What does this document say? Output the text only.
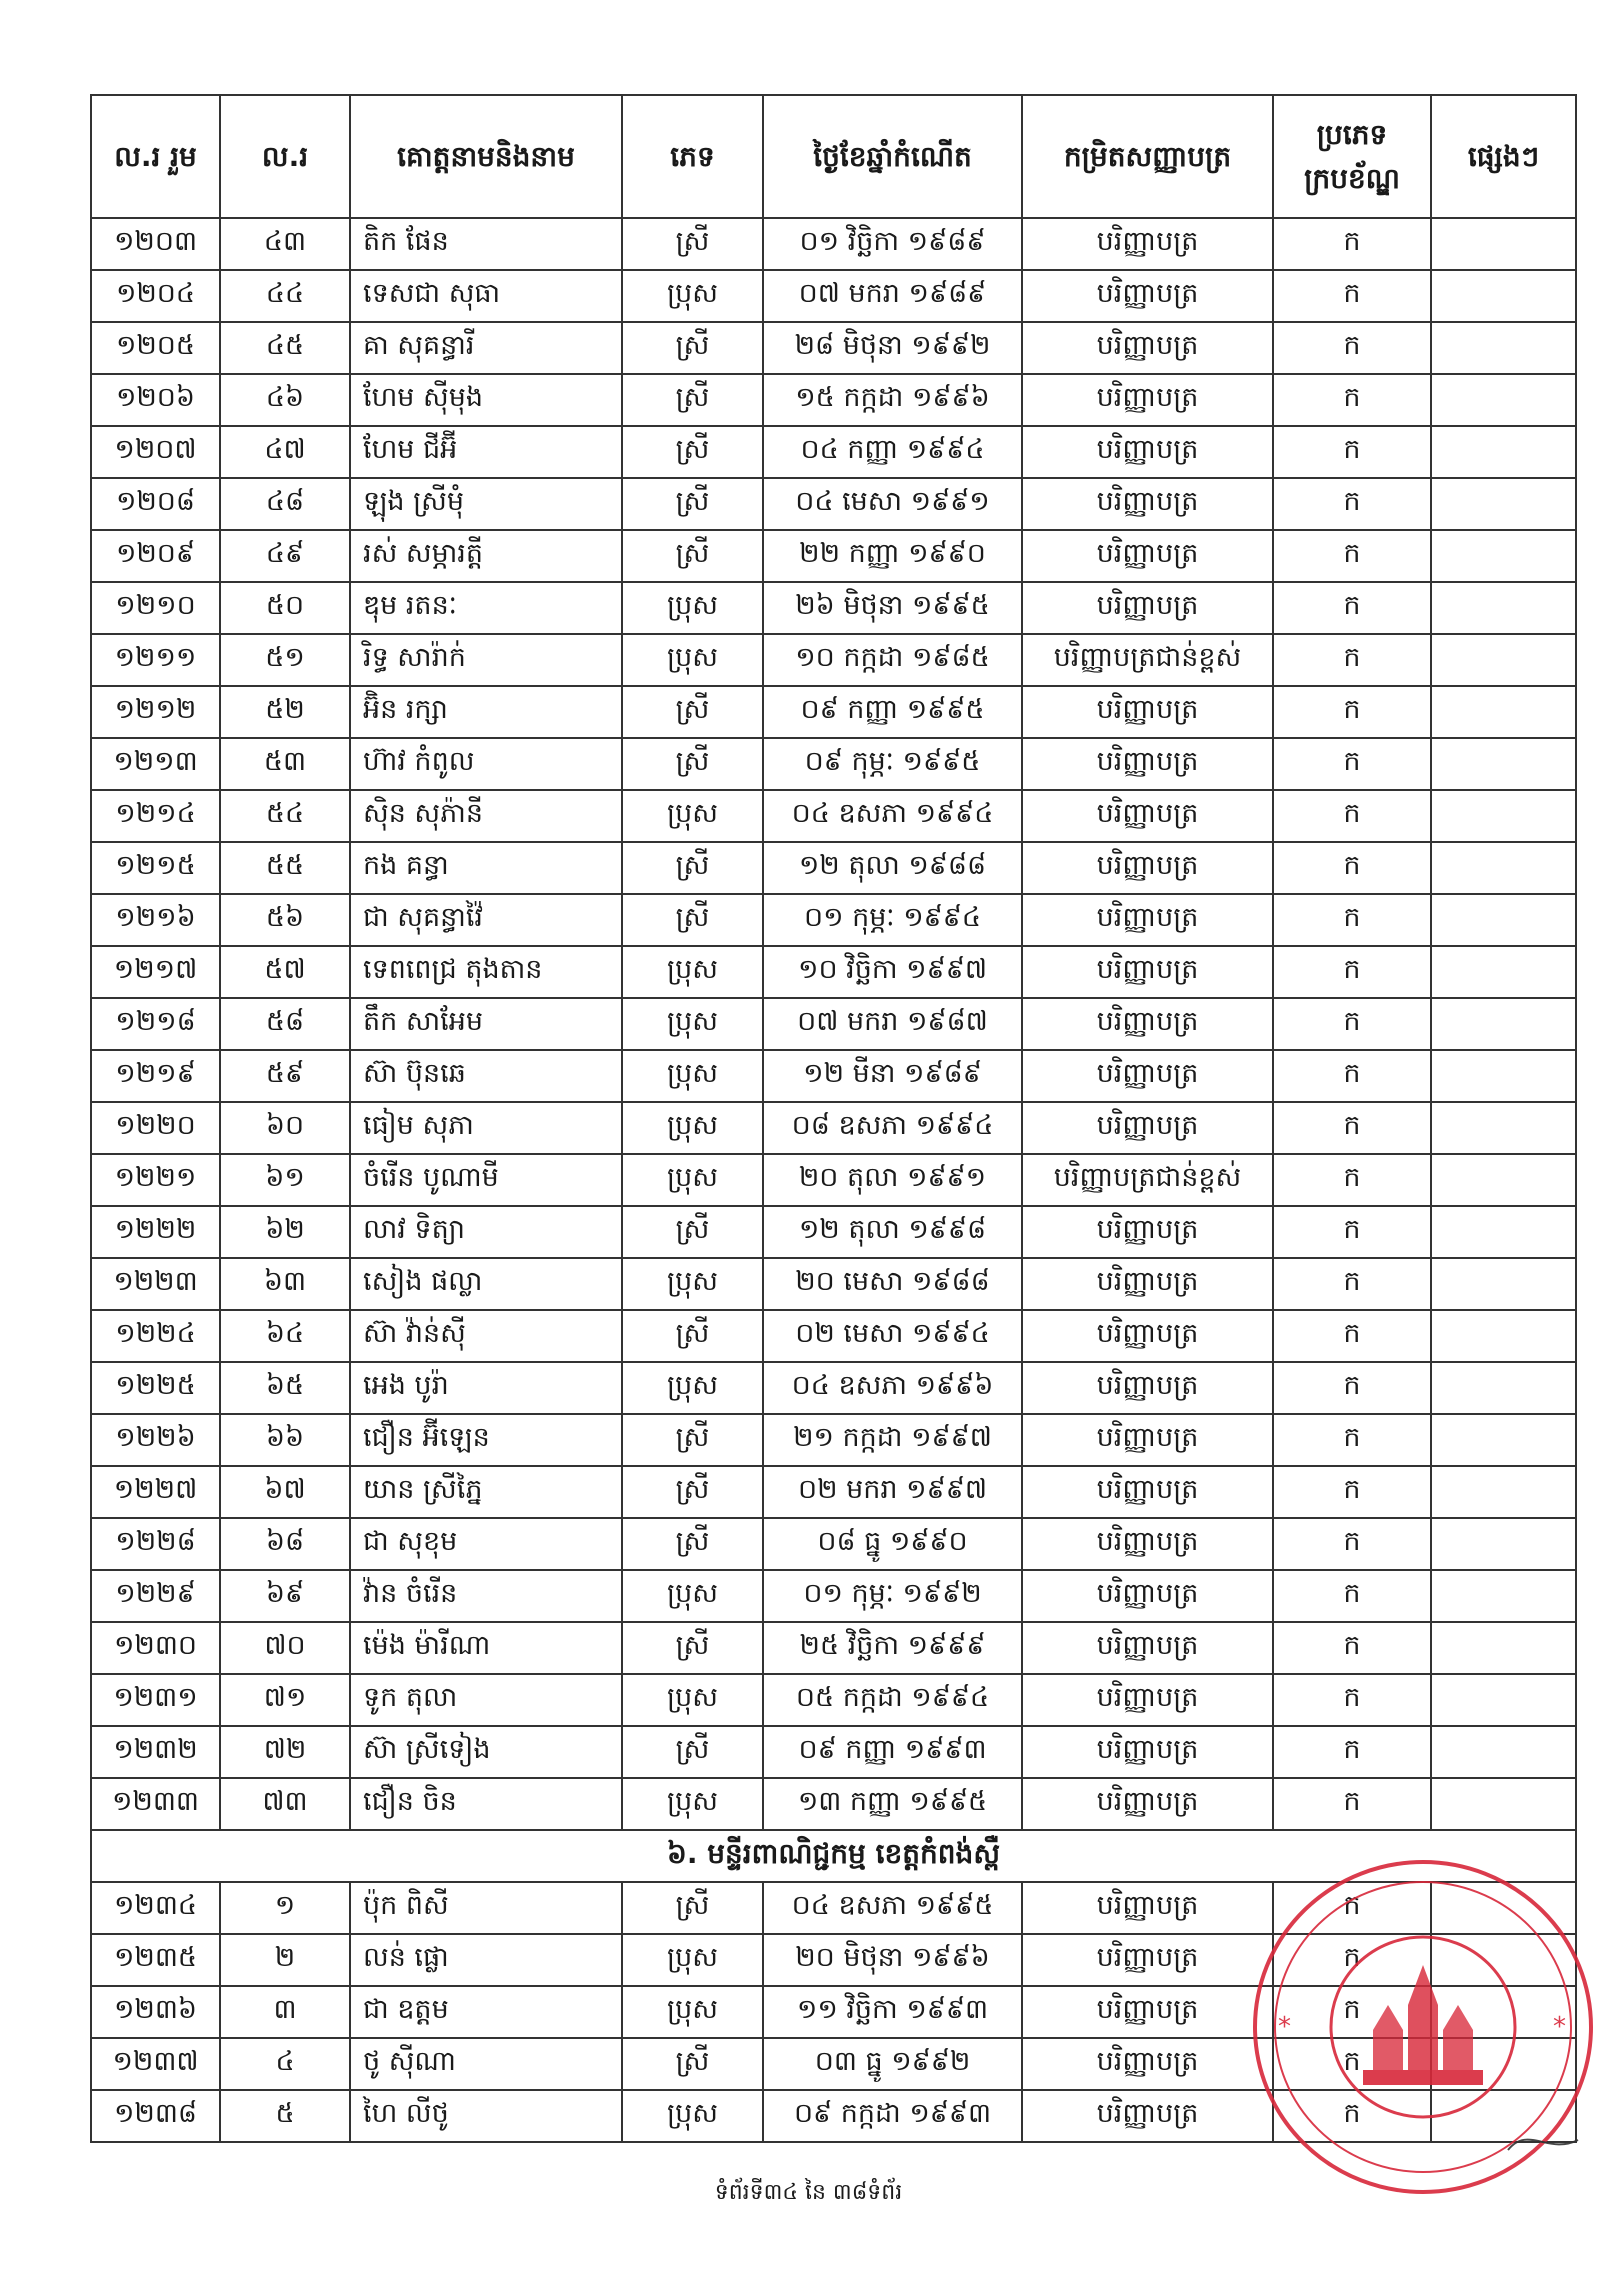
ល.រ រួម	ល.រ	គោត្តនាមនិងនាម	ភេទ	ថ្ងៃខែឆ្នាំកំណើត	កម្រិតសញ្ញាបត្រ	ប្រភេទក្របខ័ណ្ឌ	ផ្សេងៗ
១២០៣	៤៣	តិក ផែន	ស្រី	០១ វិច្ឆិកា ១៩៨៩	បរិញ្ញាបត្រ	ក	
១២០៤	៤៤	ទេសជា សុធា	ប្រុស	០៧ មករា ១៩៨៩	បរិញ្ញាបត្រ	ក	
១២០៥	៤៥	គា សុគន្ធារី	ស្រី	២៨ មិថុនា ១៩៩២	បរិញ្ញាបត្រ	ក	
១២០៦	៤៦	ហែម ស៊ីមុង	ស្រី	១៥ កក្កដា ១៩៩៦	បរិញ្ញាបត្រ	ក	
១២០៧	៤៧	ហែម ជីអ៊ី	ស្រី	០៤ កញ្ញា ១៩៩៤	បរិញ្ញាបត្រ	ក	
១២០៨	៤៨	ឡុង ស្រីមុំ	ស្រី	០៤ មេសា ១៩៩១	បរិញ្ញាបត្រ	ក	
១២០៩	៤៩	រស់ សម្ភារត្តី	ស្រី	២២ កញ្ញា ១៩៩០	បរិញ្ញាបត្រ	ក	
១២១០	៥០	ឌុម រតនៈ	ប្រុស	២៦ មិថុនា ១៩៩៥	បរិញ្ញាបត្រ	ក	
១២១១	៥១	រិទ្ធ សារ៉ាក់	ប្រុស	១០ កក្កដា ១៩៨៥	បរិញ្ញាបត្រជាន់ខ្ពស់	ក	
១២១២	៥២	អ៊ិន រក្សា	ស្រី	០៩ កញ្ញា ១៩៩៥	បរិញ្ញាបត្រ	ក	
១២១៣	៥៣	ហ៊ាវ កំពូល	ស្រី	០៩ កុម្ភៈ ១៩៩៥	បរិញ្ញាបត្រ	ក	
១២១៤	៥៤	ស៊ិន សុភ៉ានី	ប្រុស	០៤ ឧសភា ១៩៩៤	បរិញ្ញាបត្រ	ក	
១២១៥	៥៥	កង គន្ធា	ស្រី	១២ តុលា ១៩៨៨	បរិញ្ញាបត្រ	ក	
១២១៦	៥៦	ជា សុគន្ធាវ៉ៃ	ស្រី	០១ កុម្ភៈ ១៩៩៤	បរិញ្ញាបត្រ	ក	
១២១៧	៥៧	ទេពពេជ្រ តុងតាន	ប្រុស	១០ វិច្ឆិកា ១៩៩៧	បរិញ្ញាបត្រ	ក	
១២១៨	៥៨	តឹក សាអែម	ប្រុស	០៧ មករា ១៩៨៧	បរិញ្ញាបត្រ	ក	
១២១៩	៥៩	ស៊ា ប៊ុនឆេ	ប្រុស	១២ មីនា ១៩៨៩	បរិញ្ញាបត្រ	ក	
១២២០	៦០	ធៀម សុភា	ប្រុស	០៨ ឧសភា ១៩៩៤	បរិញ្ញាបត្រ	ក	
១២២១	៦១	ចំរើន បូណាមី	ប្រុស	២០ តុលា ១៩៩១	បរិញ្ញាបត្រជាន់ខ្ពស់	ក	
១២២២	៦២	លាវ ទិត្យា	ស្រី	១២ តុលា ១៩៩៨	បរិញ្ញាបត្រ	ក	
១២២៣	៦៣	សៀង ផល្លា	ប្រុស	២០ មេសា ១៩៨៨	បរិញ្ញាបត្រ	ក	
១២២៤	៦៤	ស៊ា វ៉ាន់ស៊ី	ស្រី	០២ មេសា ១៩៩៤	បរិញ្ញាបត្រ	ក	
១២២៥	៦៥	អេង បូរ៉ា	ប្រុស	០៤ ឧសភា ១៩៩៦	បរិញ្ញាបត្រ	ក	
១២២៦	៦៦	ជឿន អ៊ីឡេន	ស្រី	២១ កក្កដា ១៩៩៧	បរិញ្ញាបត្រ	ក	
១២២៧	៦៧	យាន ស្រីភ្នៃ	ស្រី	០២ មករា ១៩៩៧	បរិញ្ញាបត្រ	ក	
១២២៨	៦៨	ជា សុខុម	ស្រី	០៨ ធ្នូ ១៩៩០	បរិញ្ញាបត្រ	ក	
១២២៩	៦៩	វ៉ាន ចំរើន	ប្រុស	០១ កុម្ភៈ ១៩៩២	បរិញ្ញាបត្រ	ក	
១២៣០	៧០	ម៉េង ម៉ារីណា	ស្រី	២៥ វិច្ឆិកា ១៩៩៩	បរិញ្ញាបត្រ	ក	
១២៣១	៧១	ទូក តុលា	ប្រុស	០៥ កក្កដា ១៩៩៤	បរិញ្ញាបត្រ	ក	
១២៣២	៧២	ស៊ា ស្រីទៀង	ស្រី	០៩ កញ្ញា ១៩៩៣	បរិញ្ញាបត្រ	ក	
១២៣៣	៧៣	ជឿន ចិន	ប្រុស	១៣ កញ្ញា ១៩៩៥	បរិញ្ញាបត្រ	ក	
៦. មន្ទីរពាណិជ្ជកម្ម ខេត្តកំពង់ស្ពឺ							
១២៣៤	១	ប៉ុក ពិសី	ស្រី	០៤ ឧសភា ១៩៩៥	បរិញ្ញាបត្រ	ក	
១២៣៥	២	លន់ ផ្លោ	ប្រុស	២០ មិថុនា ១៩៩៦	បរិញ្ញាបត្រ	ក	
១២៣៦	៣	ជា ឧត្តម	ប្រុស	១១ វិច្ឆិកា ១៩៩៣	បរិញ្ញាបត្រ	ក	
១២៣៧	៤	ថូ ស៊ីណា	ស្រី	០៣ ធ្នូ ១៩៩២	បរិញ្ញាបត្រ	ក	
១២៣៨	៥	ហៃ លីថូ	ប្រុស	០៩ កក្កដា ១៩៩៣	បរិញ្ញាបត្រ	ក	
*	*
ទំព័រទី៣៤ នៃ ៣៨ទំព័រ
